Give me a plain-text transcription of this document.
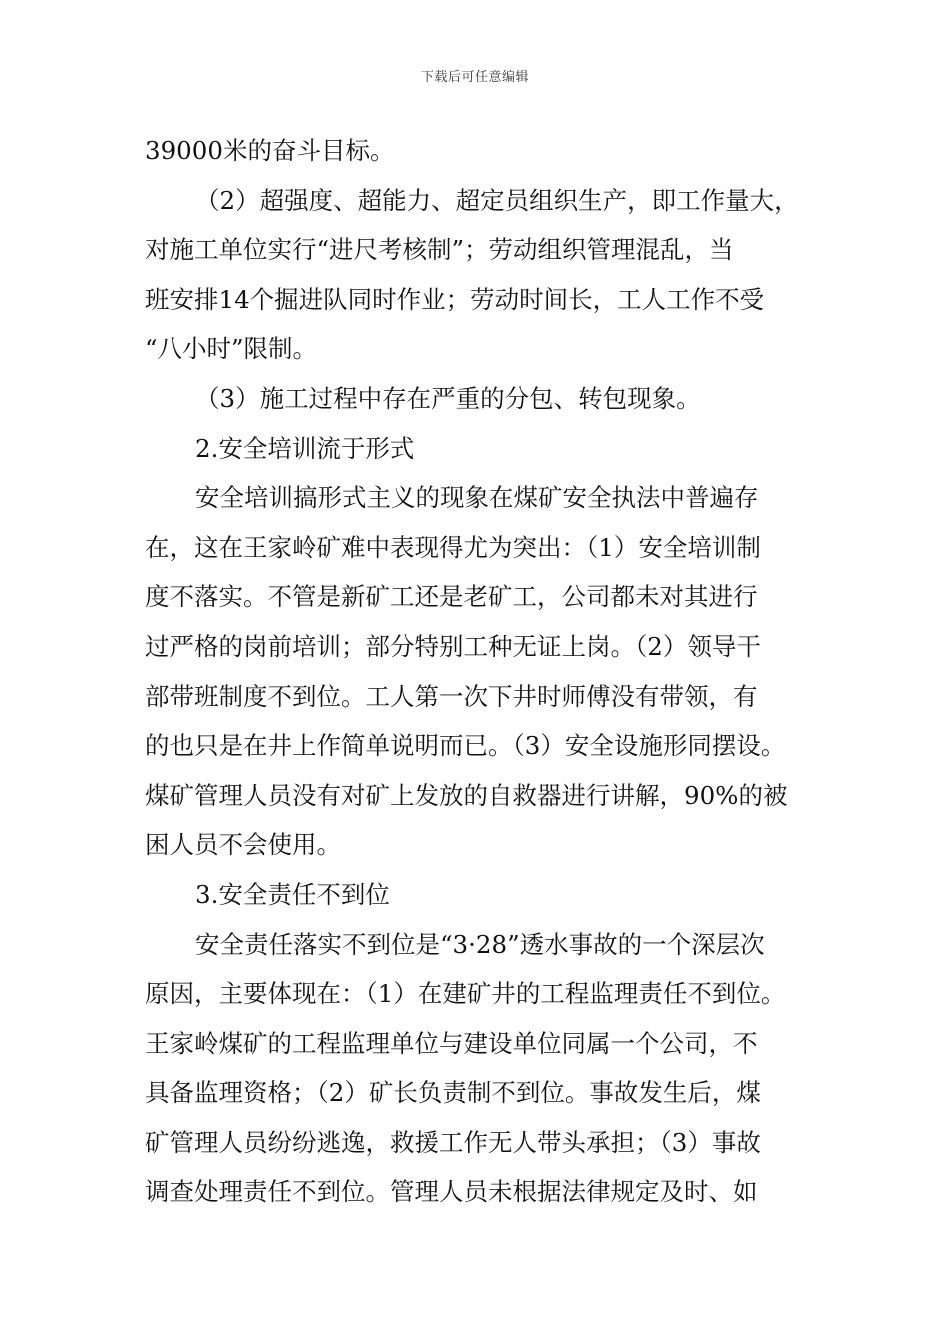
下载后可任意编辑
39000米的奋斗目标。
（2）超强度、超能力、超定员组织生产，即工作量大，
对施工单位实行“进尺考核制”；劳动组织管理混乱，当
班安排14个掘进队同时作业；劳动时间长，工人工作不受
“八小时”限制。
（3）施工过程中存在严重的分包、转包现象。
2.安全培训流于形式
安全培训搞形式主义的现象在煤矿安全执法中普遍存
在，这在王家岭矿难中表现得尤为突出：（1）安全培训制
度不落实。不管是新矿工还是老矿工，公司都未对其进行
过严格的岗前培训；部分特别工种无证上岗。（2）领导干
部带班制度不到位。工人第一次下井时师傅没有带领，有
的也只是在井上作简单说明而已。（3）安全设施形同摆设。
煤矿管理人员没有对矿上发放的自救器进行讲解，90%的被
困人员不会使用。
3.安全责任不到位
安全责任落实不到位是“3·28”透水事故的一个深层次
原因，主要体现在：（1）在建矿井的工程监理责任不到位。
王家岭煤矿的工程监理单位与建设单位同属一个公司，不
具备监理资格；（2）矿长负责制不到位。事故发生后，煤
矿管理人员纷纷逃逸，救援工作无人带头承担；（3）事故
调查处理责任不到位。管理人员未根据法律规定及时、如
